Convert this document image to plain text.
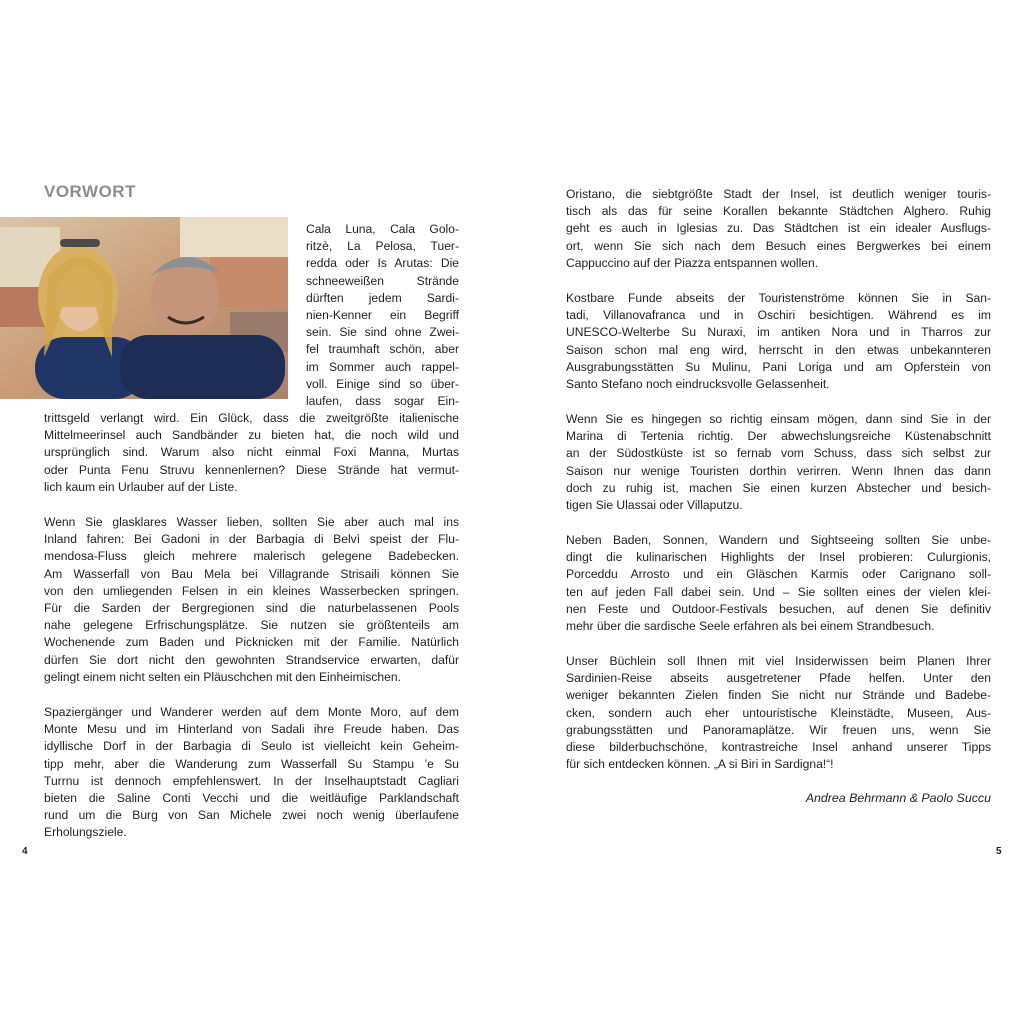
VORWORT
Cala Luna, Cala Golo-
ritzè, La Pelosa, Tuer-
redda oder Is Arutas: Die
schneeweißen Strände
dürften jedem Sardi-
nien-Kenner ein Begriff
sein. Sie sind ohne Zwei-
fel traumhaft schön, aber
im Sommer auch rappel-
voll. Einige sind so über-
laufen, dass sogar Ein-
trittsgeld verlangt wird. Ein Glück, dass die zweitgrößte italienische
Mittelmeerinsel auch Sandbänder zu bieten hat, die noch wild und
ursprünglich sind. Warum also nicht einmal Foxi Manna, Murtas
oder Punta Fenu Struvu kennenlernen? Diese Strände hat vermut-
lich kaum ein Urlauber auf der Liste.
Wenn Sie glasklares Wasser lieben, sollten Sie aber auch mal ins
Inland fahren: Bei Gadoni in der Barbagia di Belvì speist der Flu-
mendosa-Fluss gleich mehrere malerisch gelegene Badebecken.
Am Wasserfall von Bau Mela bei Villagrande Strisaili können Sie
von den umliegenden Felsen in ein kleines Wasserbecken springen.
Für die Sarden der Bergregionen sind die naturbelassenen Pools
nahe gelegene Erfrischungsplätze. Sie nutzen sie größtenteils am
Wochenende zum Baden und Picknicken mit der Familie. Natürlich
dürfen Sie dort nicht den gewohnten Strandservice erwarten, dafür
gelingt einem nicht selten ein Pläuschchen mit den Einheimischen.
Spaziergänger und Wanderer werden auf dem Monte Moro, auf dem
Monte Mesu und im Hinterland von Sadali ihre Freude haben. Das
idyllische Dorf in der Barbagia di Seulo ist vielleicht kein Geheim-
tipp mehr, aber die Wanderung zum Wasserfall Su Stampu ’e Su
Turrnu ist dennoch empfehlenswert. In der Inselhauptstadt Cagliari
bieten die Saline Conti Vecchi und die weitläufige Parklandschaft
rund um die Burg von San Michele zwei noch wenig überlaufene
Erholungsziele.
4
Oristano, die siebtgrößte Stadt der Insel, ist deutlich weniger touris-
tisch als das für seine Korallen bekannte Städtchen Alghero. Ruhig
geht es auch in Iglesias zu. Das Städtchen ist ein idealer Ausflugs-
ort, wenn Sie sich nach dem Besuch eines Bergwerkes bei einem
Cappuccino auf der Piazza entspannen wollen.
Kostbare Funde abseits der Touristenströme können Sie in San-
tadi, Villanovafranca und in Oschiri besichtigen. Während es im
UNESCO-Welterbe Su Nuraxi, im antiken Nora und in Tharros zur
Saison schon mal eng wird, herrscht in den etwas unbekannteren
Ausgrabungsstätten Su Mulinu, Pani Loriga und am Opferstein von
Santo Stefano noch eindrucksvolle Gelassenheit.
Wenn Sie es hingegen so richtig einsam mögen, dann sind Sie in der
Marina di Tertenia richtig. Der abwechslungsreiche Küstenabschnitt
an der Südostküste ist so fernab vom Schuss, dass sich selbst zur
Saison nur wenige Touristen dorthin verirren. Wenn Ihnen das dann
doch zu ruhig ist, machen Sie einen kurzen Abstecher und besich-
tigen Sie Ulassai oder Villaputzu.
Neben Baden, Sonnen, Wandern und Sightseeing sollten Sie unbe-
dingt die kulinarischen Highlights der Insel probieren: Culurgionis,
Porceddu Arrosto und ein Gläschen Karmis oder Carignano soll-
ten auf jeden Fall dabei sein. Und – Sie sollten eines der vielen klei-
nen Feste und Outdoor-Festivals besuchen, auf denen Sie definitiv
mehr über die sardische Seele erfahren als bei einem Strandbesuch.
Unser Büchlein soll Ihnen mit viel Insiderwissen beim Planen Ihrer
Sardinien-Reise abseits ausgetretener Pfade helfen. Unter den
weniger bekannten Zielen finden Sie nicht nur Strände und Badebe-
cken, sondern auch eher untouristische Kleinstädte, Museen, Aus-
grabungsstätten und Panoramaplätze. Wir freuen uns, wenn Sie
diese bilderbuchschöne, kontrastreiche Insel anhand unserer Tipps
für sich entdecken können. „A si Biri in Sardigna!“!
Andrea Behrmann & Paolo Succu
5
